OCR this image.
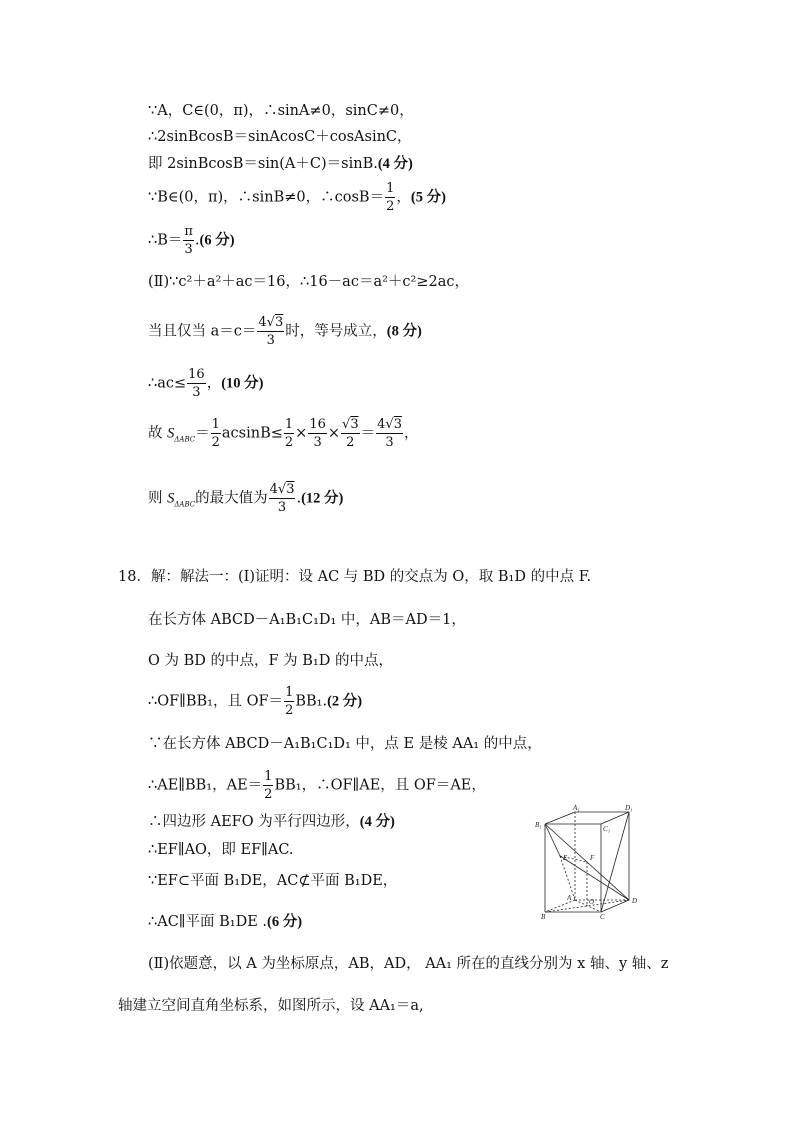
∵A，C∈(0，π)，∴sinA≠0，sinC≠0，
∴2sinBcosB＝sinAcosC＋cosAsinC，
即 2sinBcosB＝sin(A＋C)＝sinB.(4 分)
∵B∈(0，π)，∴sinB≠0，∴cosB＝ $\frac{1}{2}$ ，(5 分)
∴B＝ $\frac{\pi}{3} .(6$ 分)
(Ⅱ)∵c²＋a²＋ac＝16，∴16－ac＝a²＋c²≥2ac，
当且仅当 $a=c= \frac{4√3}{3}$ 时，等号成立，(8 分)
∴ac≤ $\frac{16}{3}$ ，(10 分)
故 $S_{\Delta ABC}= \frac{1}{2} acsinB\le \frac{1}{2} \times \frac{16}{3} \times \frac{√3}{2} = \frac{4√3}{3}$ ，
则 $S_{\Delta ABC}$的最大值为 $\frac{4√3}{3} .(12$ 分)
18．解：解法一：(Ⅰ)证明：设 AC 与 BD 的交点为 O，取 B₁D 的中点 F.
在长方体 ABCD－A₁B₁C₁D₁ 中，AB＝AD＝1，
O 为 BD 的中点，F 为 B₁D 的中点，
∴OF∥BB₁，且 $OF= \frac{1}{2} BB_1.(2$ 分)
∵在长方体 ABCD－A₁B₁C₁D₁ 中，点 E 是棱 AA₁ 的中点，
∴AE∥BB₁，$AE= \frac{1}{2} BB_1$，∴OF∥AE，且 OF＝AE，
∴四边形 AEFO 为平行四边形，(4 分)
∴EF∥AO，即 EF∥AC.
∵EF⊂平面 B₁DE，AC⊄平面 B₁DE，
∴AC∥平面 B₁DE .(6 分)
(Ⅱ)依题意，以 A 为坐标原点，AB，AD， AA₁ 所在的直线分别为 x 轴、y 轴、z
轴建立空间直角坐标系，如图所示，设 AA₁＝a,
A₁	D₁
B₁	C₁
E	F
A	O	D
B	C
